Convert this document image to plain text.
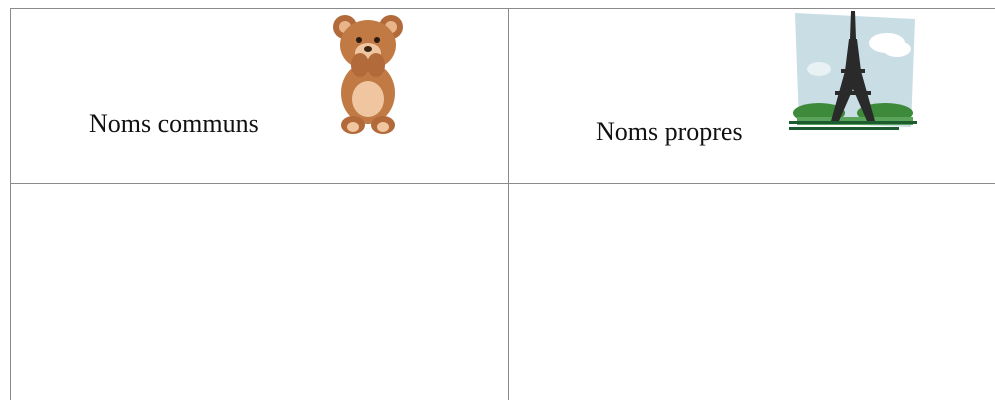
Noms communs	Noms propres
